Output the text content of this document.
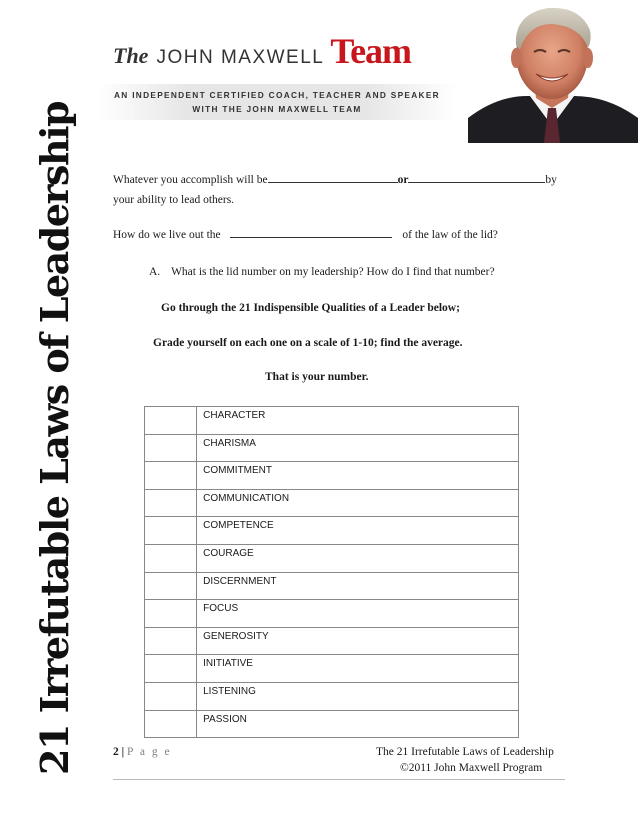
21 Irrefutable Laws of Leadership
The JOHN MAXWELL Team
AN INDEPENDENT CERTIFIED COACH, TEACHER AND SPEAKER
WITH THE JOHN MAXWELL TEAM
Whatever you accomplish will be	or	by
your ability to lead others.
How do we live out the	of the law of the lid?
A. What is the lid number on my leadership? How do I find that number?
Go through the 21 Indispensible Qualities of a Leader below;
Grade yourself on each one on a scale of 1-10; find the average.
That is your number.
	CHARACTER
	CHARISMA
	COMMITMENT
	COMMUNICATION
	COMPETENCE
	COURAGE
	DISCERNMENT
	FOCUS
	GENEROSITY
	INITIATIVE
	LISTENING
	PASSION
2 | P a g e	The 21 Irrefutable Laws of Leadership
©2011 John Maxwell Program
